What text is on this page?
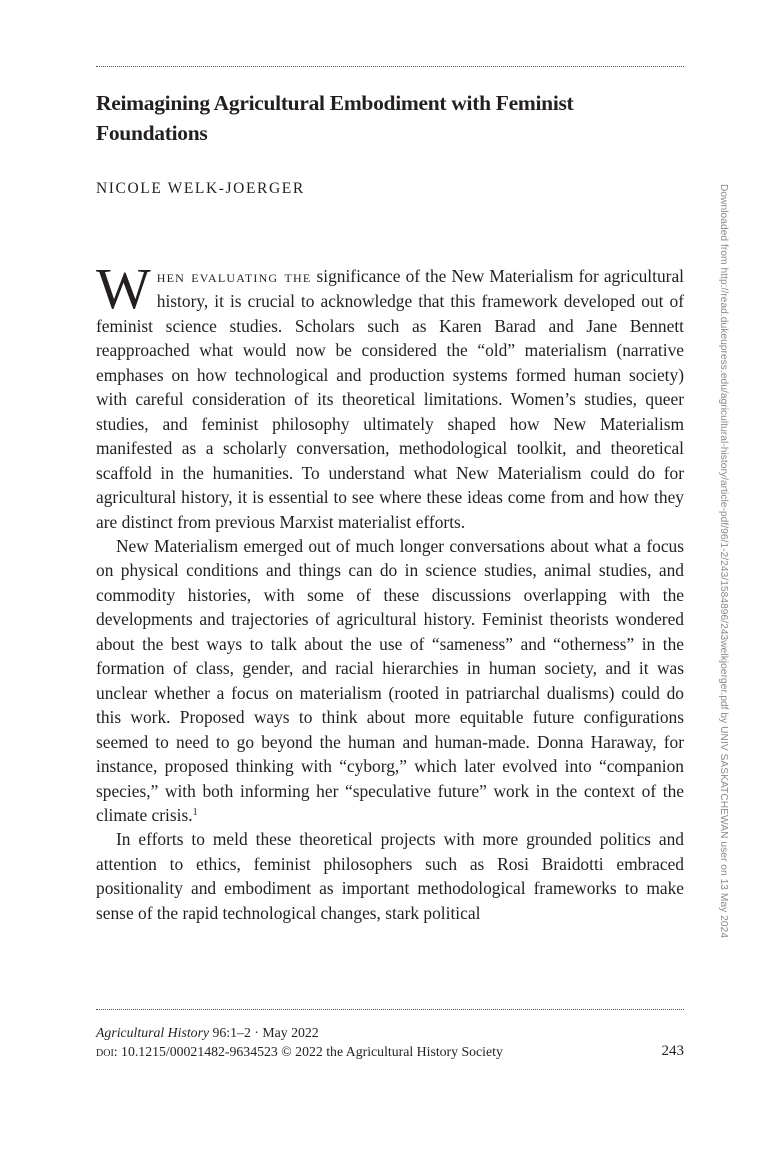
Reimagining Agricultural Embodiment with Feminist Foundations
NICOLE WELK-JOERGER

When evaluating the significance of the New Materialism for agricultural history, it is crucial to acknowledge that this framework developed out of feminist science studies. Scholars such as Karen Barad and Jane Bennett reapproached what would now be considered the “old” materialism (narrative emphases on how technological and production systems formed human society) with careful consideration of its theoretical limitations. Women’s studies, queer studies, and feminist philosophy ultimately shaped how New Materialism manifested as a scholarly conversation, methodological toolkit, and theoretical scaffold in the humanities. To understand what New Materialism could do for agricultural history, it is essential to see where these ideas come from and how they are distinct from previous Marxist materialist efforts.

New Materialism emerged out of much longer conversations about what a focus on physical conditions and things can do in science studies, animal studies, and commodity histories, with some of these discussions overlapping with the developments and trajectories of agricultural history. Feminist theorists wondered about the best ways to talk about the use of “sameness” and “otherness” in the formation of class, gender, and racial hierarchies in human society, and it was unclear whether a focus on materialism (rooted in patriarchal dualisms) could do this work. Proposed ways to think about more equitable future configurations seemed to need to go beyond the human and human-made. Donna Haraway, for instance, proposed thinking with “cyborg,” which later evolved into “companion species,” with both informing her “speculative future” work in the context of the climate crisis.$^1$

In efforts to meld these theoretical projects with more grounded politics and attention to ethics, feminist philosophers such as Rosi Braidotti embraced positionality and embodiment as important methodological frameworks to make sense of the rapid technological changes, stark political

Agricultural History 96:1–2 · May 2022
doi: 10.1215/00021482-9634523 © 2022 the Agricultural History Society	243
Downloaded from http://read.dukeupress.edu/agricultural-history/article-pdf/96/1-2/243/1584896/243welkjoerger.pdf by UNIV SASKATCHEWAN user on 13 May 2024
